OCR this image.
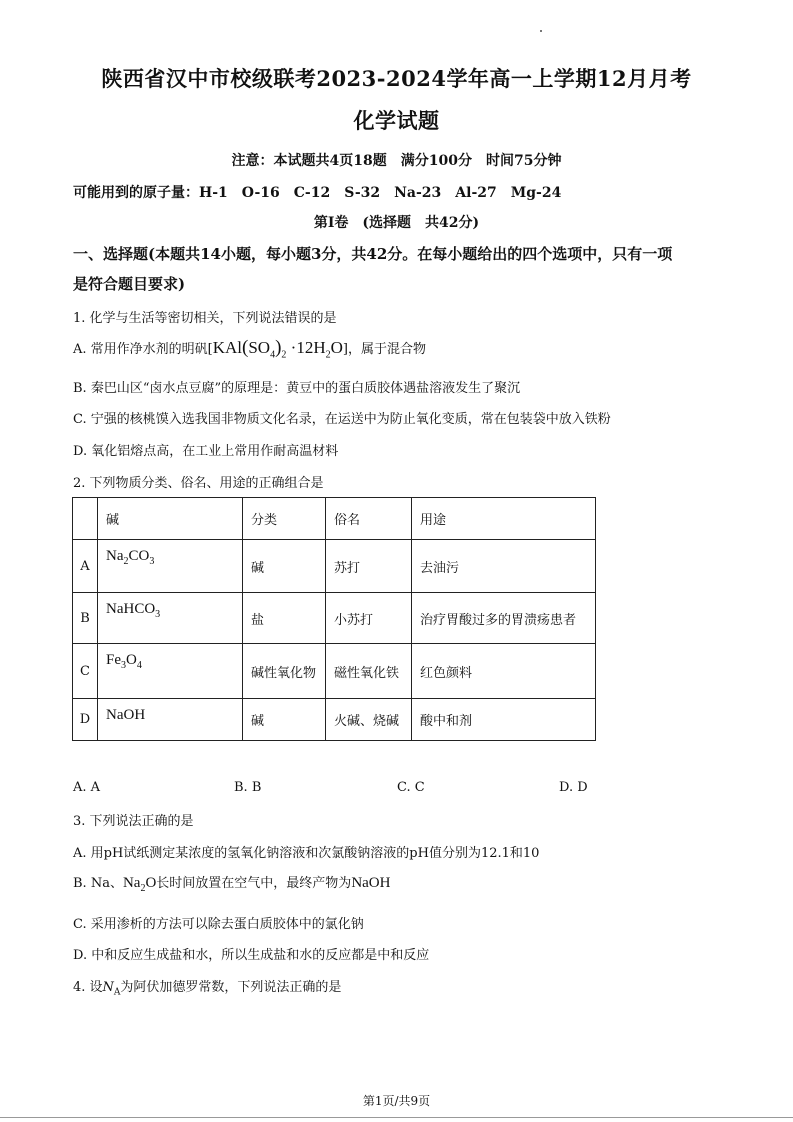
陕西省汉中市校级联考2023-2024学年高一上学期12月月考
化学试题
注意：本试题共4页18题　满分100分　时间75分钟
可能用到的原子量：H-1　O-16　C-12　S-32　Na-23　Al-27　Mg-24
第Ⅰ卷　(选择题　共42分)
一、选择题(本题共14小题，每小题3分，共42分。在每小题给出的四个选项中，只有一项
是符合题目要求)
1. 化学与生活等密切相关，下列说法错误的是
A. 常用作净水剂的明矾$[KAl(SO_4)_2 \cdot 12H_2O]$，属于混合物
B. 秦巴山区“卤水点豆腐”的原理是：黄豆中的蛋白质胶体遇盐溶液发生了聚沉
C. 宁强的核桃馍入选我国非物质文化名录，在运送中为防止氧化变质，常在包装袋中放入铁粉
D. 氧化铝熔点高，在工业上常用作耐高温材料
2. 下列物质分类、俗名、用途的正确组合是
	碱	分类	俗名	用途
A	$Na_2CO_3$	碱	苏打	去油污
B	NaHCO$_3$	盐	小苏打	治疗胃酸过多的胃溃疡患者
C	$Fe_3O_4$	碱性氧化物	磁性氧化铁	红色颜料
D	NaOH	碱	火碱、烧碱	酸中和剂
A. A	B. B	C. C	D. D
3. 下列说法正确的是
A. 用pH试纸测定某浓度的氢氧化钠溶液和次氯酸钠溶液的pH值分别为12.1和10
B. Na、$Na_2O$长时间放置在空气中，最终产物为NaOH
C. 采用渗析的方法可以除去蛋白质胶体中的氯化钠
D. 中和反应生成盐和水，所以生成盐和水的反应都是中和反应
4. 设$N_A$为阿伏加德罗常数，下列说法正确的是
第1页/共9页
